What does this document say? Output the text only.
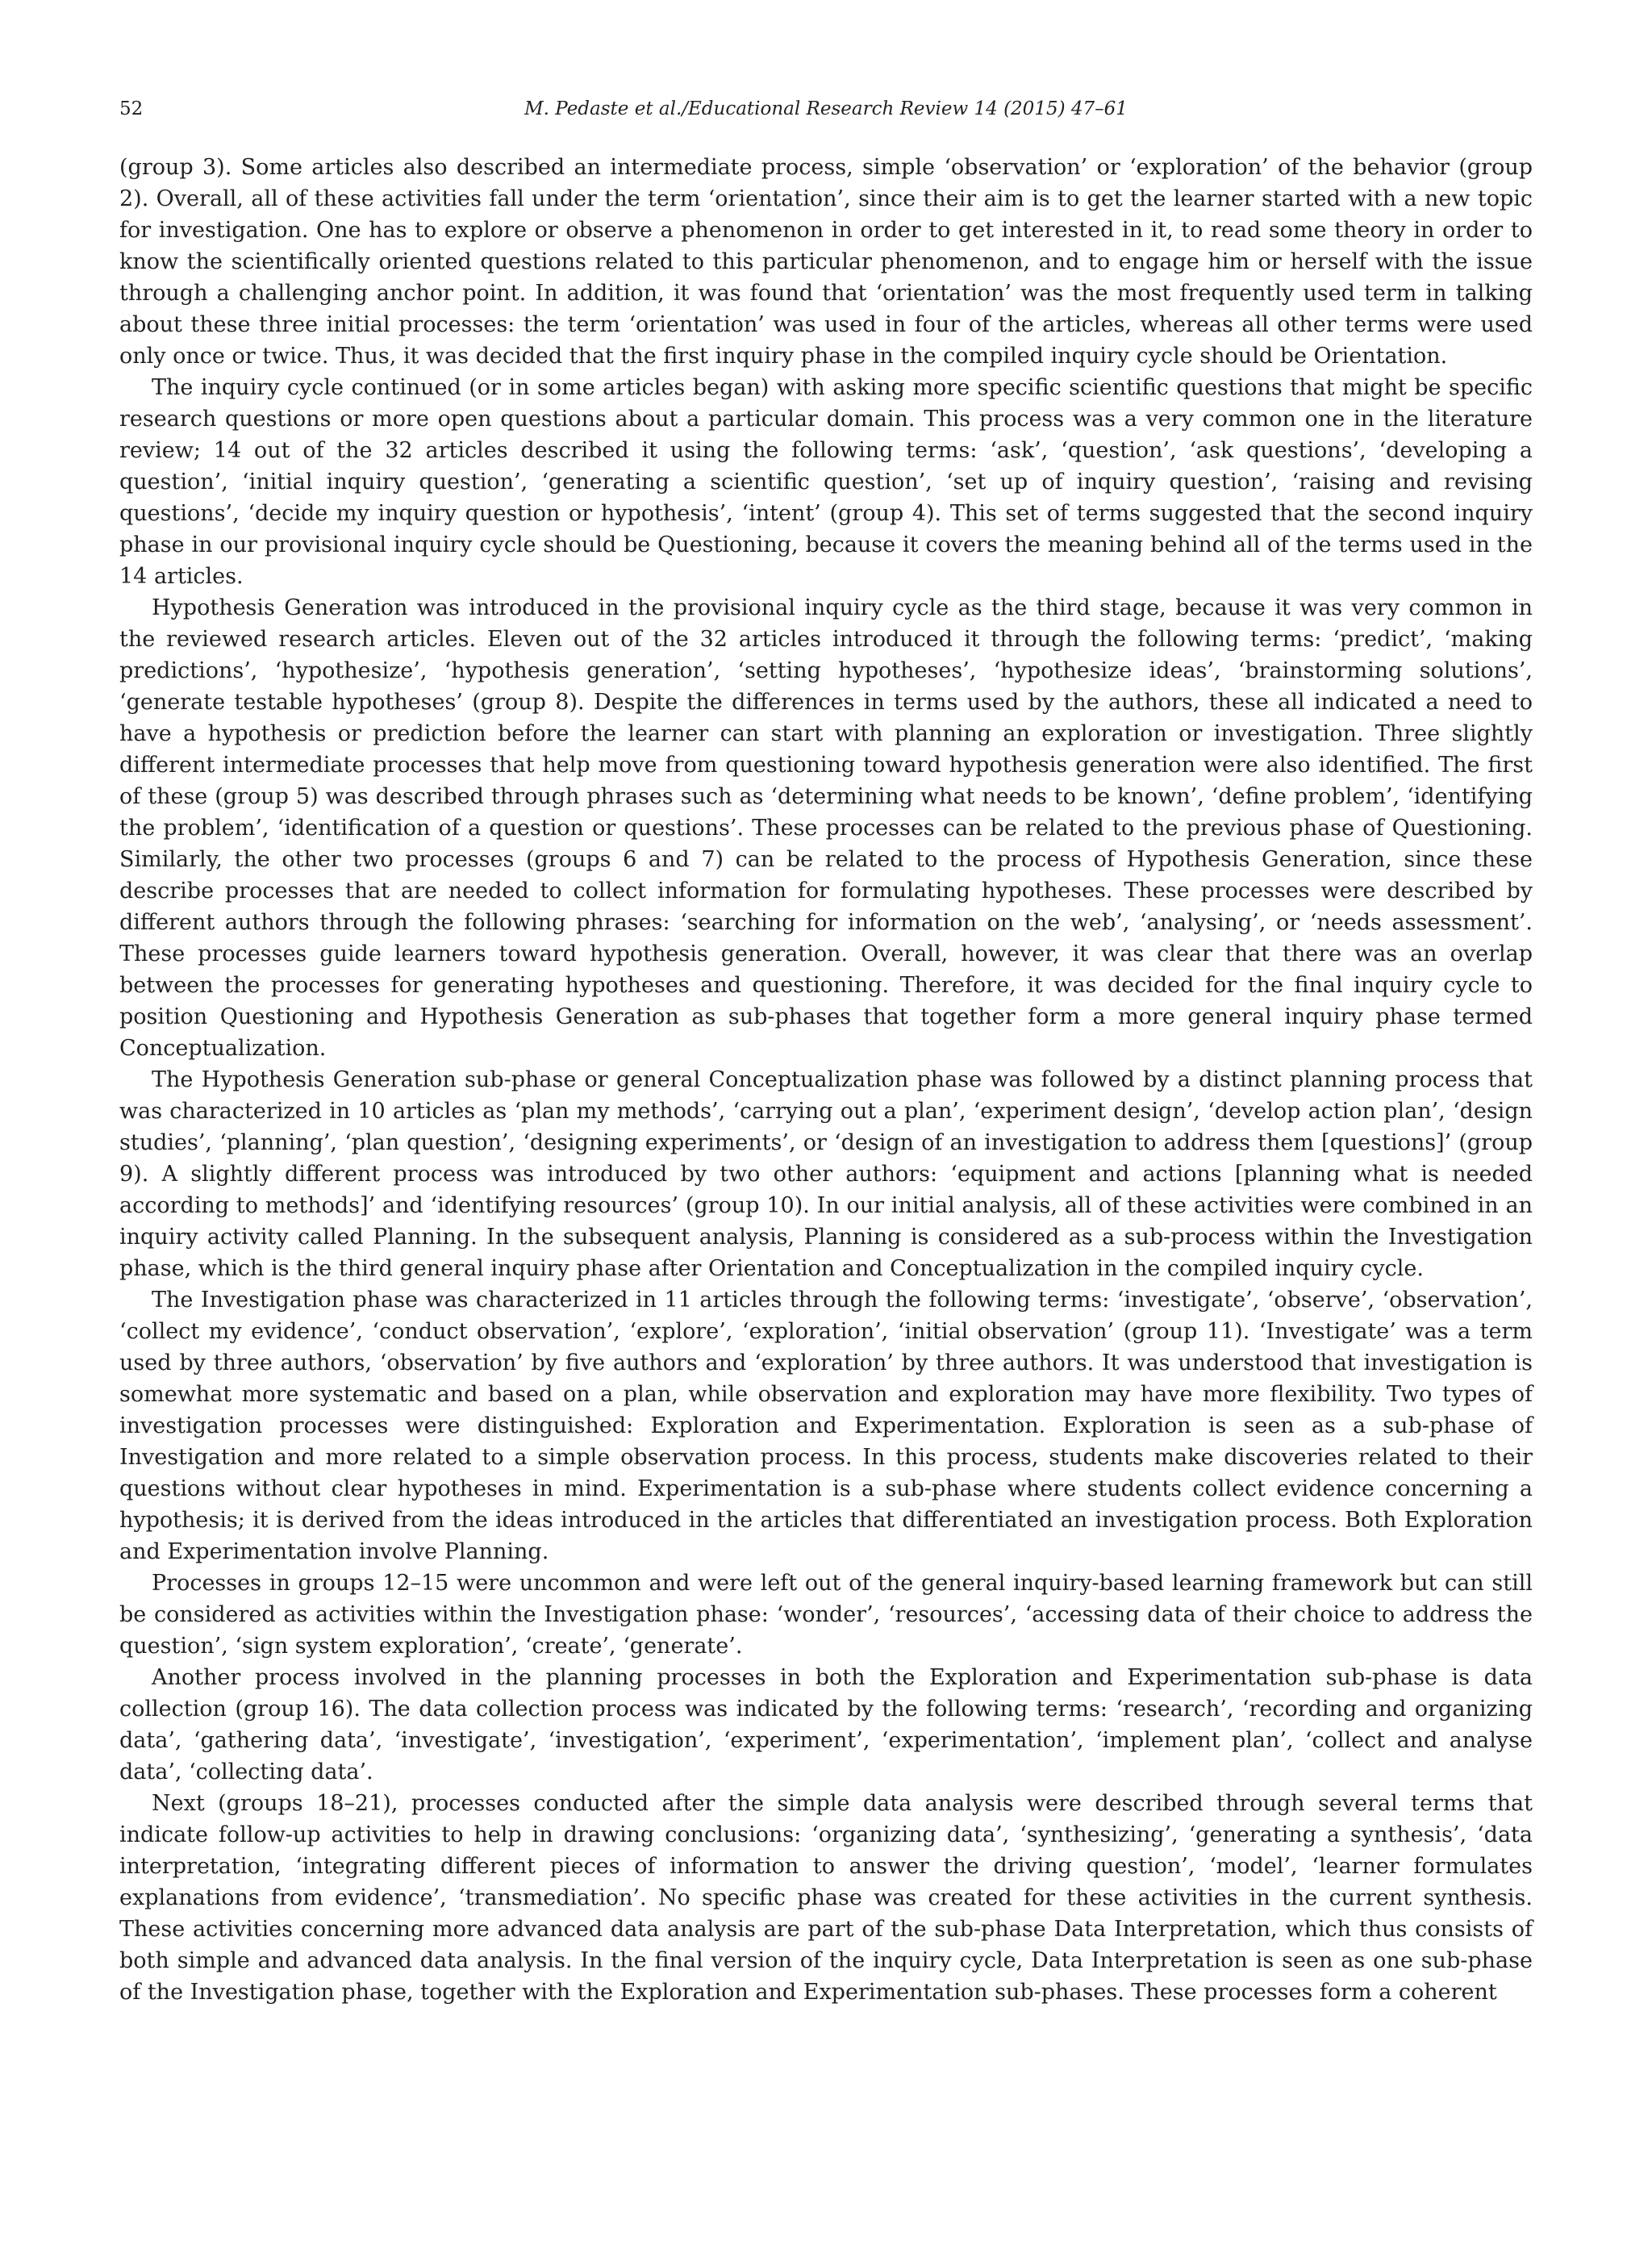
52	M. Pedaste et al./Educational Research Review 14 (2015) 47–61

(group 3). Some articles also described an intermediate process, simple ‘observation’ or ‘exploration’ of the behavior (group 2). Overall, all of these activities fall under the term ‘orientation’, since their aim is to get the learner started with a new topic for investigation. One has to explore or observe a phenomenon in order to get interested in it, to read some theory in order to know the scientifically oriented questions related to this particular phenomenon, and to engage him or herself with the issue through a challenging anchor point. In addition, it was found that ‘orientation’ was the most frequently used term in talking about these three initial processes: the term ‘orientation’ was used in four of the articles, whereas all other terms were used only once or twice. Thus, it was decided that the first inquiry phase in the compiled inquiry cycle should be Orientation.

The inquiry cycle continued (or in some articles began) with asking more specific scientific questions that might be specific research questions or more open questions about a particular domain. This process was a very common one in the literature review; 14 out of the 32 articles described it using the following terms: ‘ask’, ‘question’, ‘ask questions’, ‘developing a question’, ‘initial inquiry question’, ‘generating a scientific question’, ‘set up of inquiry question’, ‘raising and revising questions’, ‘decide my inquiry question or hypothesis’, ‘intent’ (group 4). This set of terms suggested that the second inquiry phase in our provisional inquiry cycle should be Questioning, because it covers the meaning behind all of the terms used in the 14 articles.

Hypothesis Generation was introduced in the provisional inquiry cycle as the third stage, because it was very common in the reviewed research articles. Eleven out of the 32 articles introduced it through the following terms: ‘predict’, ‘making predictions’, ‘hypothesize’, ‘hypothesis generation’, ‘setting hypotheses’, ‘hypothesize ideas’, ‘brainstorming solutions’, ‘generate testable hypotheses’ (group 8). Despite the differences in terms used by the authors, these all indicated a need to have a hypothesis or prediction before the learner can start with planning an exploration or investigation. Three slightly different intermediate processes that help move from questioning toward hypothesis generation were also identified. The first of these (group 5) was described through phrases such as ‘determining what needs to be known’, ‘define problem’, ‘identifying the problem’, ‘identification of a question or questions’. These processes can be related to the previous phase of Questioning. Similarly, the other two processes (groups 6 and 7) can be related to the process of Hypothesis Generation, since these describe processes that are needed to collect information for formulating hypotheses. These processes were described by different authors through the following phrases: ‘searching for information on the web’, ‘analysing’, or ‘needs assessment’. These processes guide learners toward hypothesis generation. Overall, however, it was clear that there was an overlap between the processes for generating hypotheses and questioning. Therefore, it was decided for the final inquiry cycle to position Questioning and Hypothesis Generation as sub-phases that together form a more general inquiry phase termed Conceptualization.

The Hypothesis Generation sub-phase or general Conceptualization phase was followed by a distinct planning process that was characterized in 10 articles as ‘plan my methods’, ‘carrying out a plan’, ‘experiment design’, ‘develop action plan’, ‘design studies’, ‘planning’, ‘plan question’, ‘designing experiments’, or ‘design of an investigation to address them [questions]’ (group 9). A slightly different process was introduced by two other authors: ‘equipment and actions [planning what is needed according to methods]’ and ‘identifying resources’ (group 10). In our initial analysis, all of these activities were combined in an inquiry activity called Planning. In the subsequent analysis, Planning is considered as a sub-process within the Investigation phase, which is the third general inquiry phase after Orientation and Conceptualization in the compiled inquiry cycle.

The Investigation phase was characterized in 11 articles through the following terms: ‘investigate’, ‘observe’, ‘observation’, ‘collect my evidence’, ‘conduct observation’, ‘explore’, ‘exploration’, ‘initial observation’ (group 11). ‘Investigate’ was a term used by three authors, ‘observation’ by five authors and ‘exploration’ by three authors. It was understood that investigation is somewhat more systematic and based on a plan, while observation and exploration may have more flexibility. Two types of investigation processes were distinguished: Exploration and Experimentation. Exploration is seen as a sub-phase of Investigation and more related to a simple observation process. In this process, students make discoveries related to their questions without clear hypotheses in mind. Experimentation is a sub-phase where students collect evidence concerning a hypothesis; it is derived from the ideas introduced in the articles that differentiated an investigation process. Both Exploration and Experimentation involve Planning.

Processes in groups 12–15 were uncommon and were left out of the general inquiry-based learning framework but can still be considered as activities within the Investigation phase: ‘wonder’, ‘resources’, ‘accessing data of their choice to address the question’, ‘sign system exploration’, ‘create’, ‘generate’.

Another process involved in the planning processes in both the Exploration and Experimentation sub-phase is data collection (group 16). The data collection process was indicated by the following terms: ‘research’, ‘recording and organizing data’, ‘gathering data’, ‘investigate’, ‘investigation’, ‘experiment’, ‘experimentation’, ‘implement plan’, ‘collect and analyse data’, ‘collecting data’.

Next (groups 18–21), processes conducted after the simple data analysis were described through several terms that indicate follow-up activities to help in drawing conclusions: ‘organizing data’, ‘synthesizing’, ‘generating a synthesis’, ‘data interpretation, ‘integrating different pieces of information to answer the driving question’, ‘model’, ‘learner formulates explanations from evidence’, ‘transmediation’. No specific phase was created for these activities in the current synthesis. These activities concerning more advanced data analysis are part of the sub-phase Data Interpretation, which thus consists of both simple and advanced data analysis. In the final version of the inquiry cycle, Data Interpretation is seen as one sub-phase of the Investigation phase, together with the Exploration and Experimentation sub-phases. These processes form a coherent
